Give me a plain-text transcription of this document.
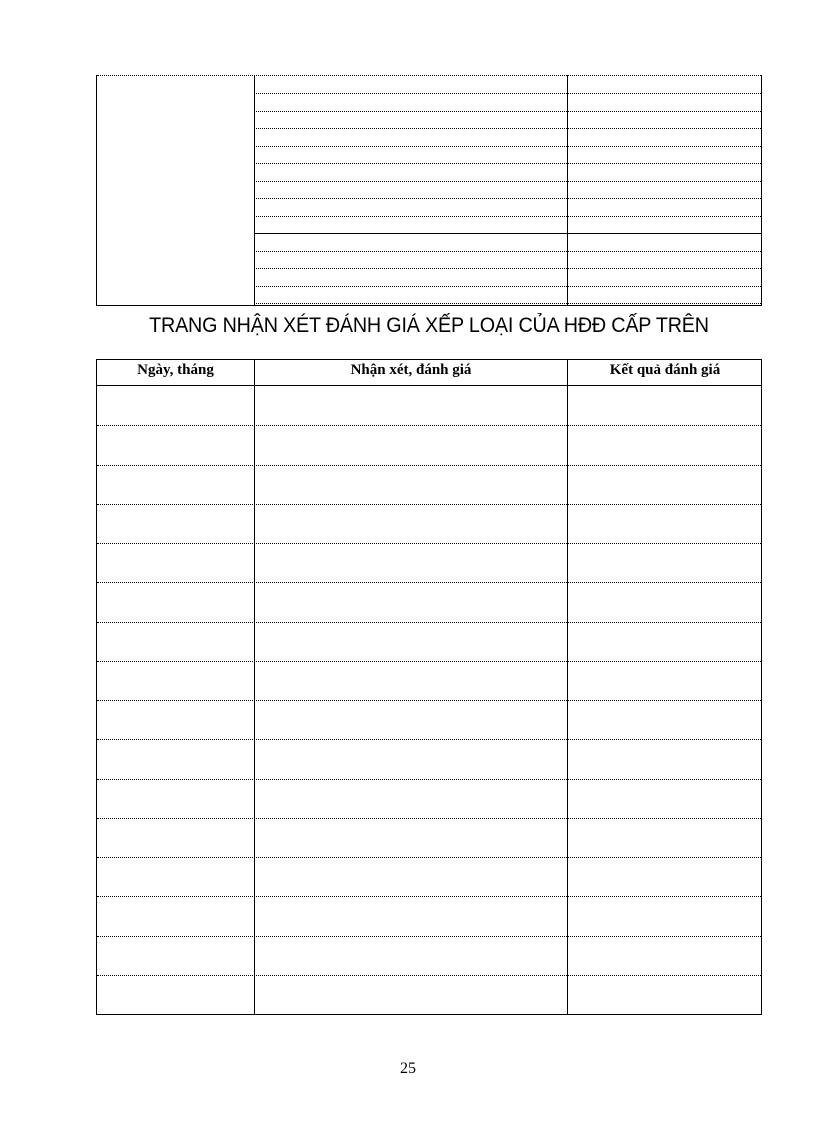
TRANG NHẬN XÉT ĐÁNH GIÁ XẾP LOẠI CỦA HĐĐ CẤP TRÊN
Ngày, tháng	Nhận xét, đánh giá	Kết quả đánh giá
25
